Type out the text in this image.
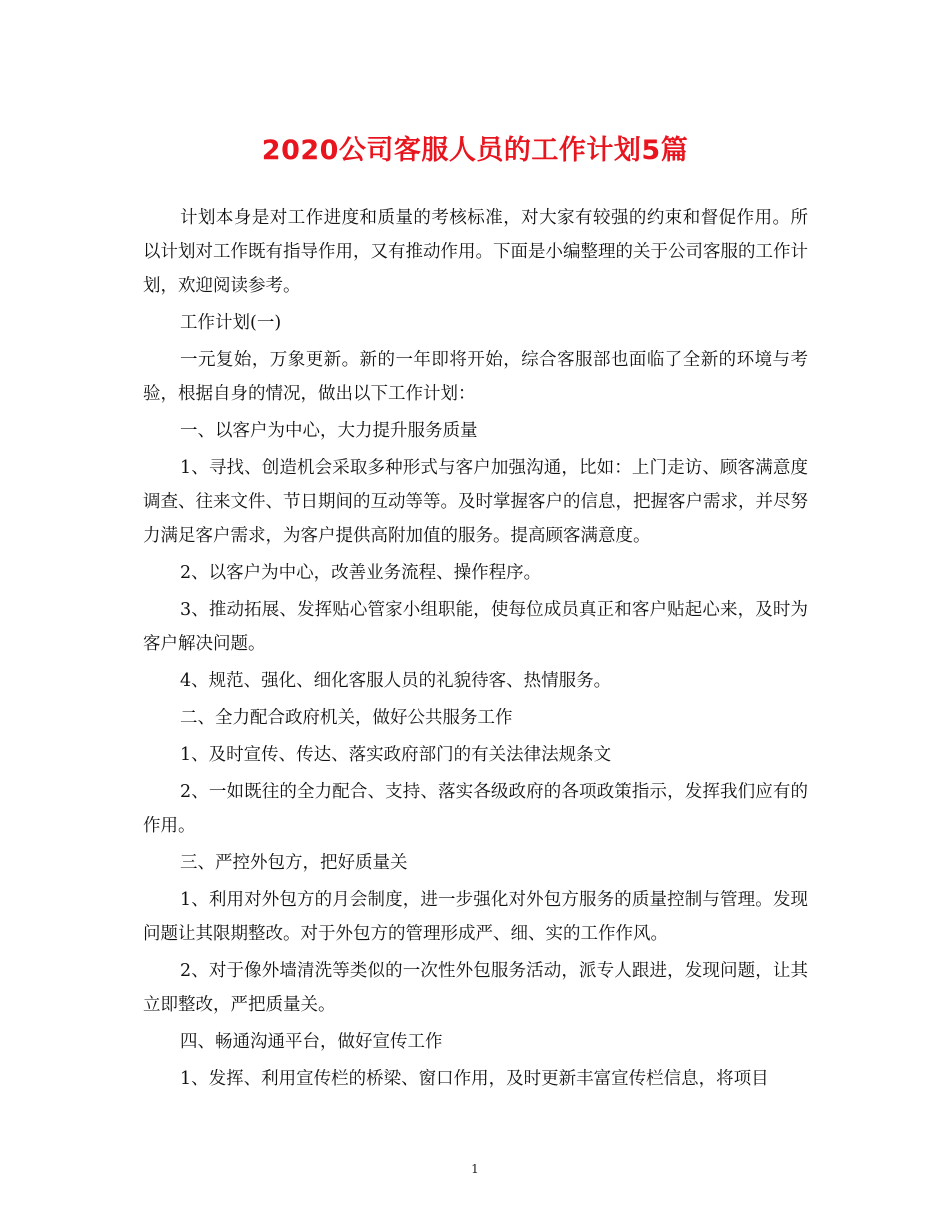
2020公司客服人员的工作计划5篇

计划本身是对工作进度和质量的考核标准，对大家有较强的约束和督促作用。所以计划对工作既有指导作用，又有推动作用。下面是小编整理的关于公司客服的工作计划，欢迎阅读参考。

工作计划(一)

一元复始，万象更新。新的一年即将开始，综合客服部也面临了全新的环境与考验，根据自身的情况，做出以下工作计划：

一、以客户为中心，大力提升服务质量

1、寻找、创造机会采取多种形式与客户加强沟通，比如：上门走访、顾客满意度调查、往来文件、节日期间的互动等等。及时掌握客户的信息，把握客户需求，并尽努力满足客户需求，为客户提供高附加值的服务。提高顾客满意度。

2、以客户为中心，改善业务流程、操作程序。

3、推动拓展、发挥贴心管家小组职能，使每位成员真正和客户贴起心来，及时为客户解决问题。

4、规范、强化、细化客服人员的礼貌待客、热情服务。

二、全力配合政府机关，做好公共服务工作

1、及时宣传、传达、落实政府部门的有关法律法规条文

2、一如既往的全力配合、支持、落实各级政府的各项政策指示，发挥我们应有的作用。

三、严控外包方，把好质量关

1、利用对外包方的月会制度，进一步强化对外包方服务的质量控制与管理。发现问题让其限期整改。对于外包方的管理形成严、细、实的工作作风。

2、对于像外墙清洗等类似的一次性外包服务活动，派专人跟进，发现问题，让其立即整改，严把质量关。

四、畅通沟通平台，做好宣传工作

1、发挥、利用宣传栏的桥梁、窗口作用，及时更新丰富宣传栏信息，将项目

1
